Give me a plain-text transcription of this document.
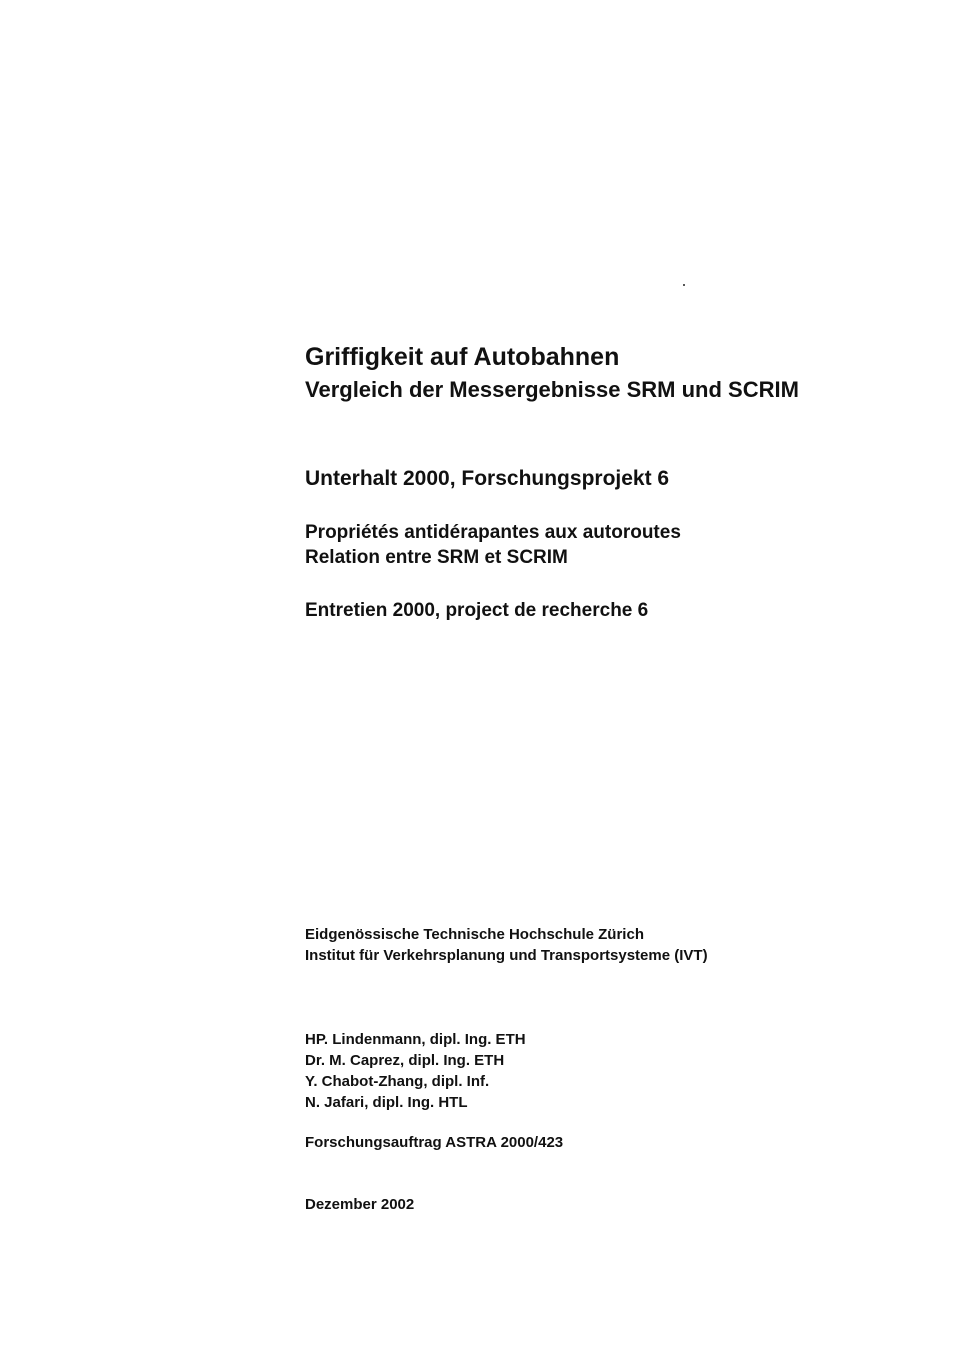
Griffigkeit auf Autobahnen
Vergleich der Messergebnisse SRM und SCRIM
Unterhalt 2000, Forschungsprojekt 6
Propriétés antidérapantes aux autoroutes
Relation entre SRM et SCRIM
Entretien 2000, project de recherche 6
Eidgenössische Technische Hochschule Zürich
Institut für Verkehrsplanung und Transportsysteme (IVT)
HP. Lindenmann, dipl. Ing. ETH
Dr. M. Caprez, dipl. Ing. ETH
Y. Chabot-Zhang, dipl. Inf.
N. Jafari, dipl. Ing. HTL
Forschungsauftrag ASTRA 2000/423
Dezember 2002
